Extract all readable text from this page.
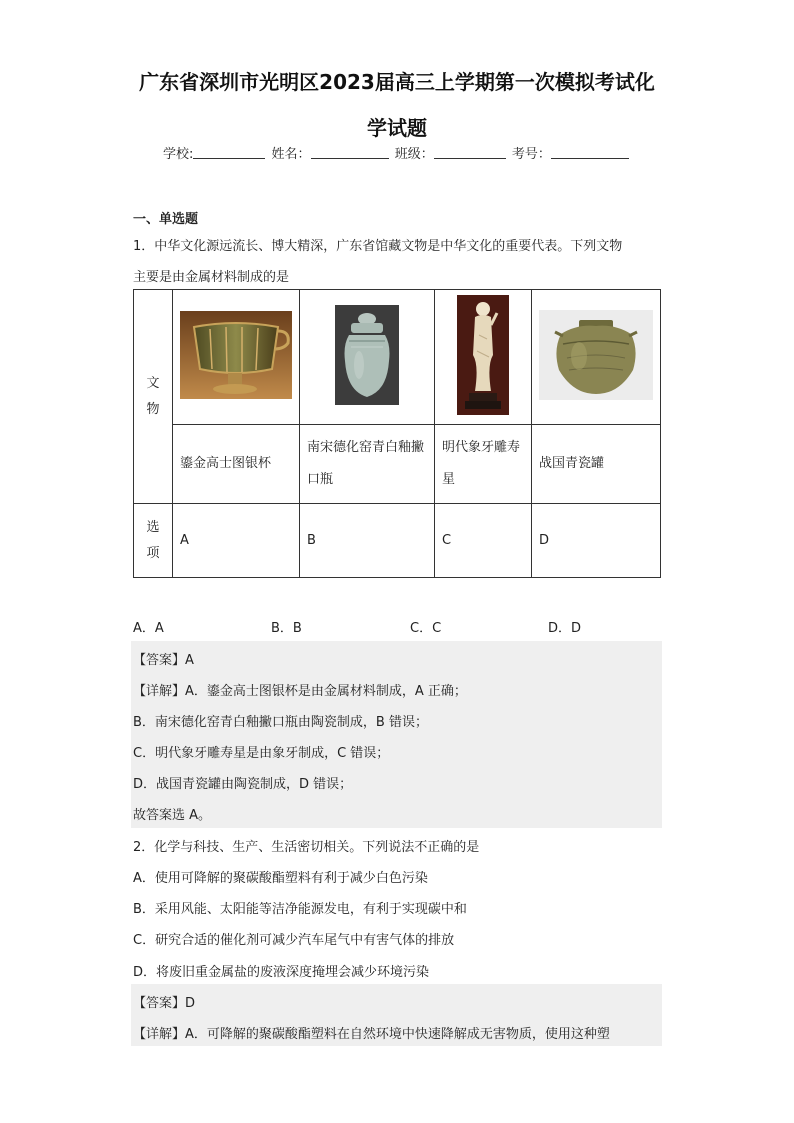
广东省深圳市光明区2023届高三上学期第一次模拟考试化
学试题
学校:	姓名：	班级：	考号：
一、单选题
1．中华文化源远流长、博大精深，广东省馆藏文物是中华文化的重要代表。下列文物
主要是由金属材料制成的是
文
物				
	鎏金高士图银杯	南宋德化窑青白釉撇口瓶	明代象牙雕寿星	战国青瓷罐
选
项	A	B	C	D
A．A	B．B	C．C	D．D
【答案】A
【详解】A．鎏金高士图银杯是由金属材料制成，A 正确；
B．南宋德化窑青白釉撇口瓶由陶瓷制成，B 错误；
C．明代象牙雕寿星是由象牙制成，C 错误；
D．战国青瓷罐由陶瓷制成，D 错误；
故答案选 A。
2．化学与科技、生产、生活密切相关。下列说法不正确的是
A．使用可降解的聚碳酸酯塑料有利于减少白色污染
B．采用风能、太阳能等洁净能源发电，有利于实现碳中和
C．研究合适的催化剂可减少汽车尾气中有害气体的排放
D．将废旧重金属盐的废液深度掩埋会减少环境污染
【答案】D
【详解】A．可降解的聚碳酸酯塑料在自然环境中快速降解成无害物质，使用这种塑
